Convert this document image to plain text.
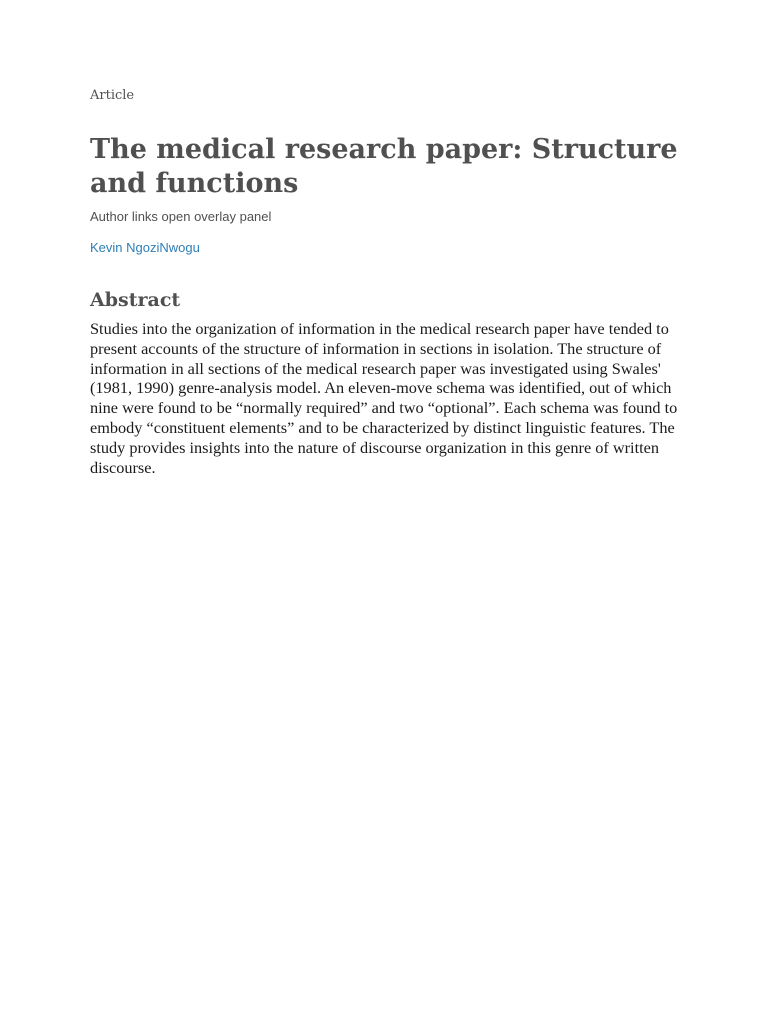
Article
The medical research paper: Structure and functions
Author links open overlay panel
Kevin NgoziNwogu
Abstract

Studies into the organization of information in the medical research paper have tended to present accounts of the structure of information in sections in isolation. The structure of information in all sections of the medical research paper was investigated using Swales' (1981, 1990) genre-analysis model. An eleven-move schema was identified, out of which nine were found to be “normally required” and two “optional”. Each schema was found to embody “constituent elements” and to be characterized by distinct linguistic features. The study provides insights into the nature of discourse organization in this genre of written discourse.
